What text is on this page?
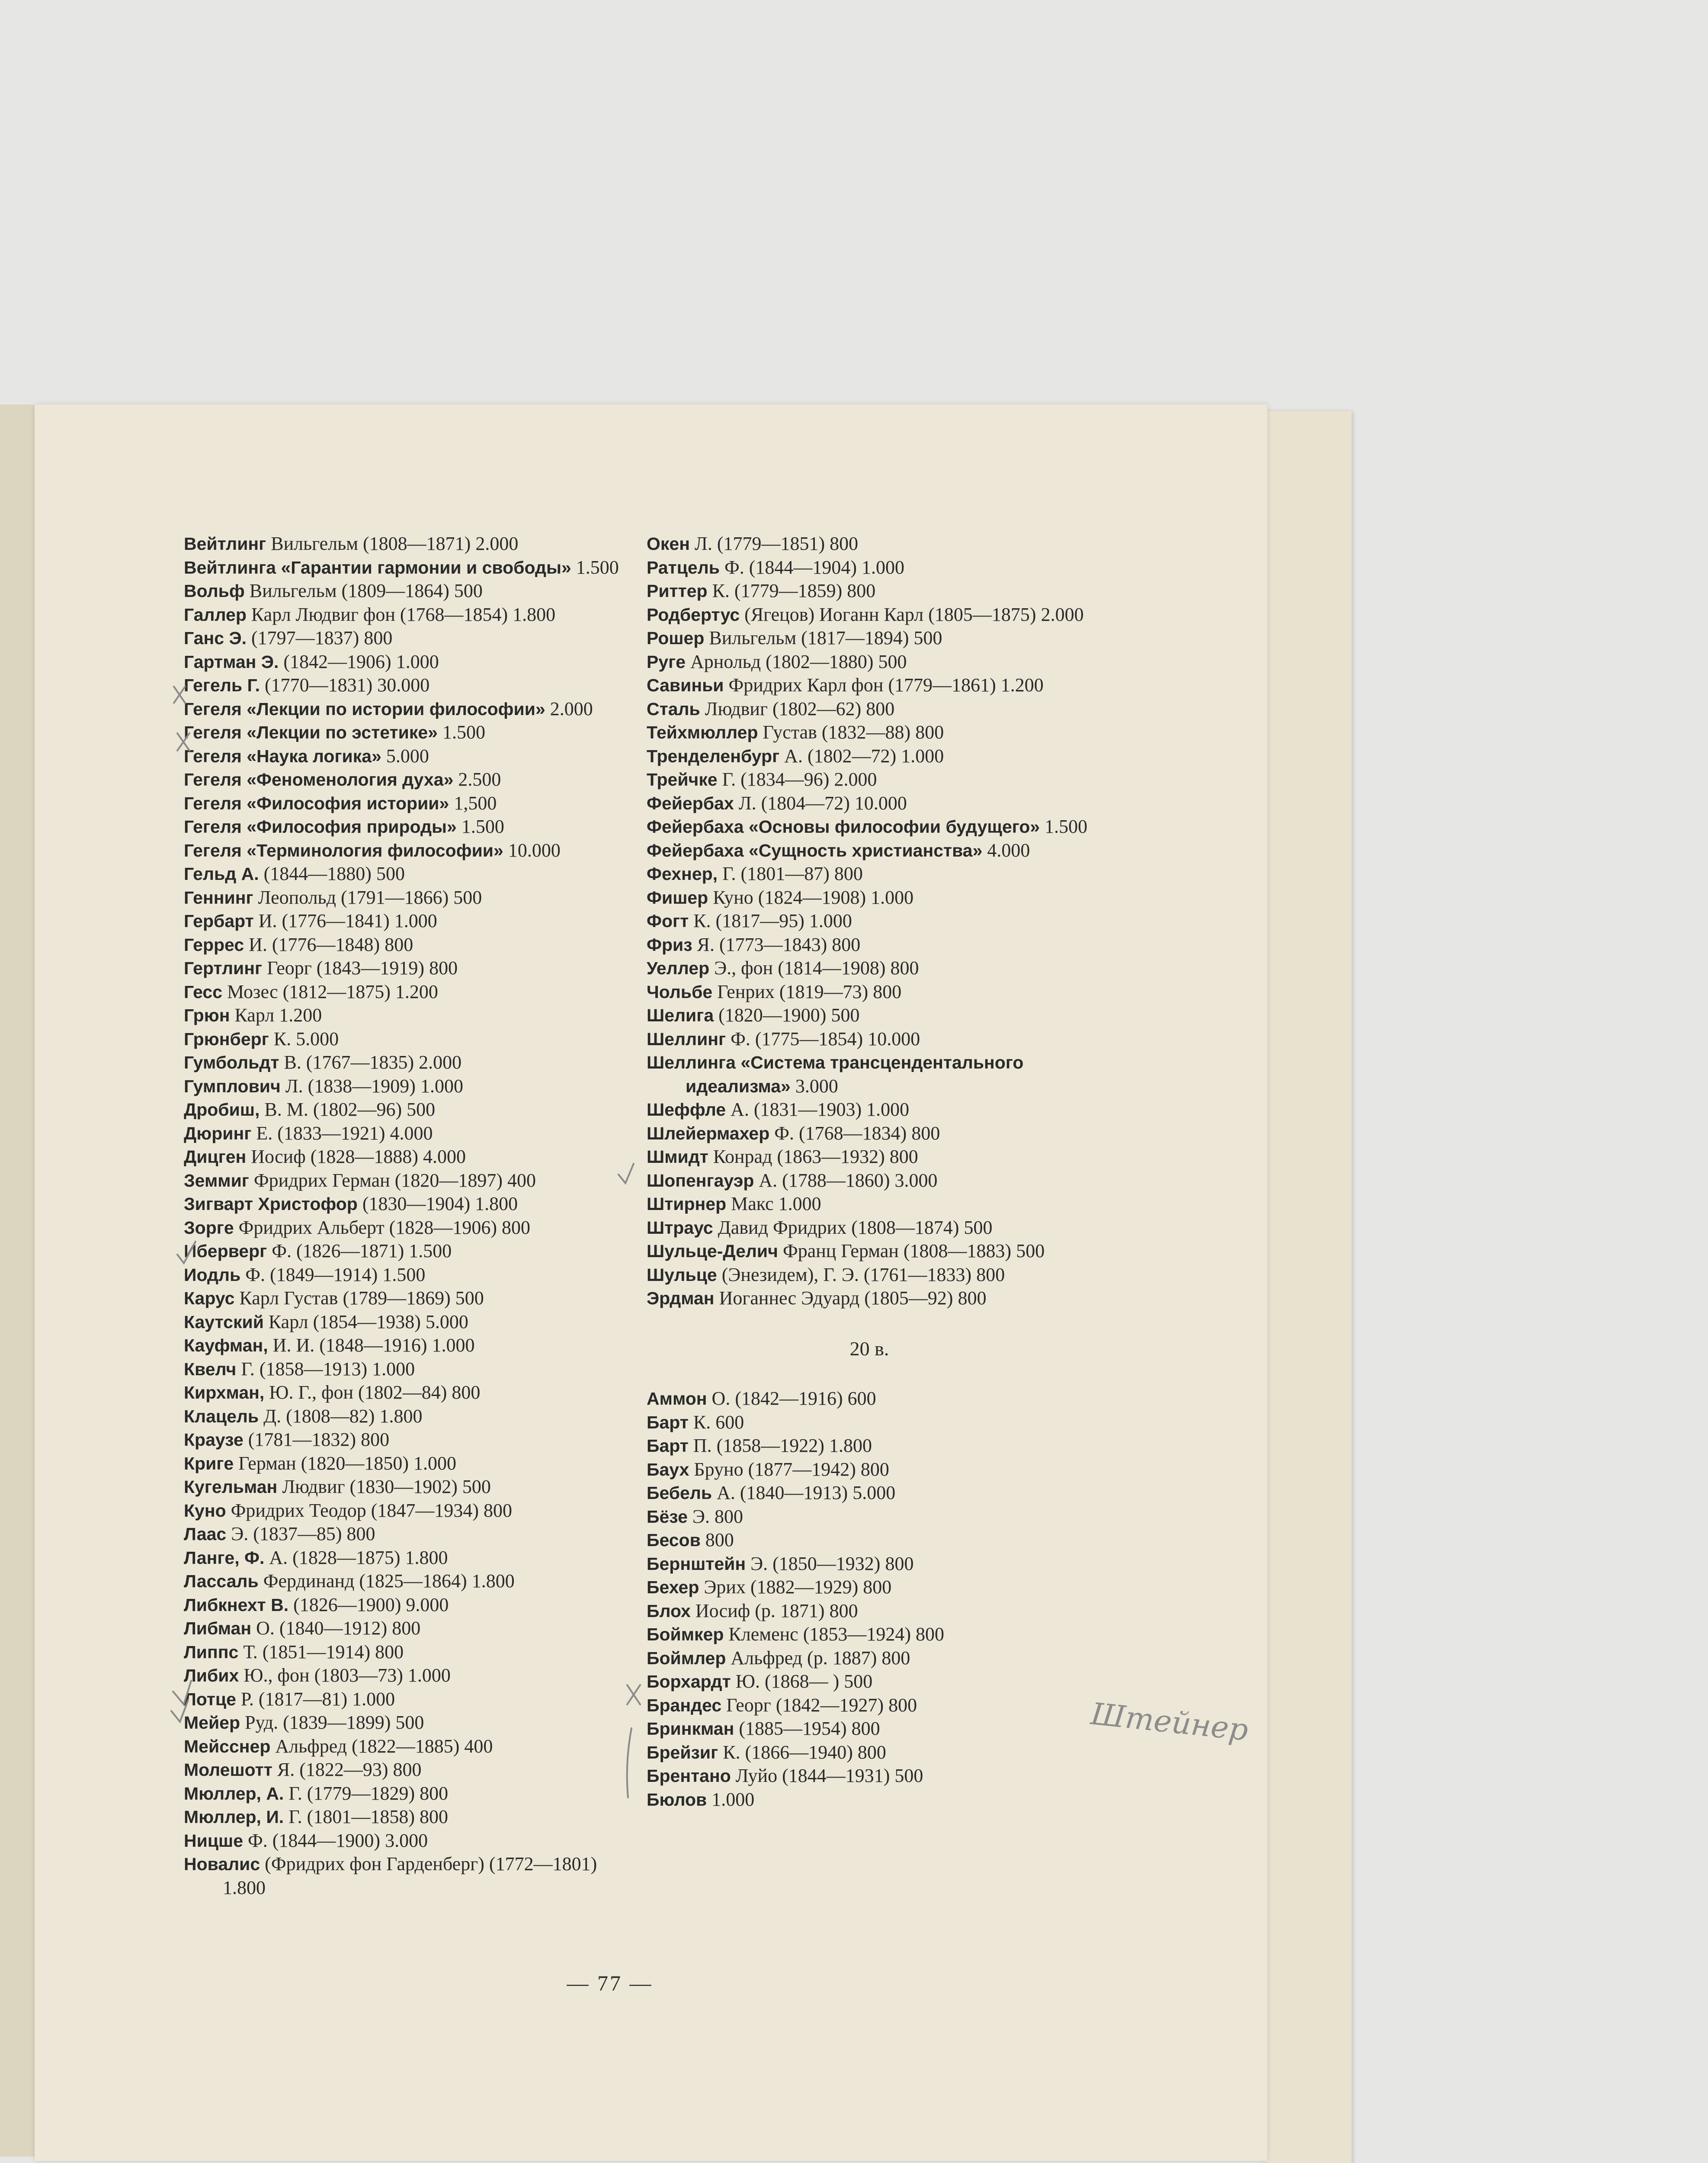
Вейтлинг Вильгельм (1808—1871) 2.000
Вейтлинга «Гарантии гармонии и свободы» 1.500
Вольф Вильгельм (1809—1864) 500
Галлер Карл Людвиг фон (1768—1854) 1.800
Ганс Э. (1797—1837) 800
Гартман Э. (1842—1906) 1.000
Гегель Г. (1770—1831) 30.000
Гегеля «Лекции по истории философии» 2.000
Гегеля «Лекции по эстетике» 1.500
Гегеля «Наука логика» 5.000
Гегеля «Феноменология духа» 2.500
Гегеля «Философия истории» 1,500
Гегеля «Философия природы» 1.500
Гегеля «Терминология философии» 10.000
Гельд А. (1844—1880) 500
Геннинг Леопольд (1791—1866) 500
Гербарт И. (1776—1841) 1.000
Геррес И. (1776—1848) 800
Гертлинг Георг (1843—1919) 800
Гесс Мозес (1812—1875) 1.200
Грюн Карл 1.200
Грюнберг К. 5.000
Гумбольдт В. (1767—1835) 2.000
Гумплович Л. (1838—1909) 1.000
Дробиш, В. М. (1802—96) 500
Дюринг Е. (1833—1921) 4.000
Дицген Иосиф (1828—1888) 4.000
Земмиг Фридрих Герман (1820—1897) 400
Зигварт Христофор (1830—1904) 1.800
Зорге Фридрих Альберт (1828—1906) 800
Иберверг Ф. (1826—1871) 1.500
Иодль Ф. (1849—1914) 1.500
Карус Карл Густав (1789—1869) 500
Каутский Карл (1854—1938) 5.000
Кауфман, И. И. (1848—1916) 1.000
Квелч Г. (1858—1913) 1.000
Кирхман, Ю. Г., фон (1802—84) 800
Клацель Д. (1808—82) 1.800
Краузе (1781—1832) 800
Криге Герман (1820—1850) 1.000
Кугельман Людвиг (1830—1902) 500
Куно Фридрих Теодор (1847—1934) 800
Лаас Э. (1837—85) 800
Ланге, Ф. А. (1828—1875) 1.800
Лассаль Фердинанд (1825—1864) 1.800
Либкнехт В. (1826—1900) 9.000
Либман О. (1840—1912) 800
Липпс Т. (1851—1914) 800
Либих Ю., фон (1803—73) 1.000
Лотце Р. (1817—81) 1.000
Мейер Руд. (1839—1899) 500
Мейсснер Альфред (1822—1885) 400
Молешотт Я. (1822—93) 800
Мюллер, А. Г. (1779—1829) 800
Мюллер, И. Г. (1801—1858) 800
Ницше Ф. (1844—1900) 3.000
Новалис (Фридрих фон Гарденберг) (1772—1801) 1.800
Окен Л. (1779—1851) 800
Ратцель Ф. (1844—1904) 1.000
Риттер К. (1779—1859) 800
Родбертус (Ягецов) Иоганн Карл (1805—1875) 2.000
Рошер Вильгельм (1817—1894) 500
Руге Арнольд (1802—1880) 500
Савиньи Фридрих Карл фон (1779—1861) 1.200
Сталь Людвиг (1802—62) 800
Тейхмюллер Густав (1832—88) 800
Тренделенбург А. (1802—72) 1.000
Трейчке Г. (1834—96) 2.000
Фейербах Л. (1804—72) 10.000
Фейербаха «Основы философии будущего» 1.500
Фейербаха «Сущность христианства» 4.000
Фехнер, Г. (1801—87) 800
Фишер Куно (1824—1908) 1.000
Фогт К. (1817—95) 1.000
Фриз Я. (1773—1843) 800
Уеллер Э., фон (1814—1908) 800
Чольбе Генрих (1819—73) 800
Шелига (1820—1900) 500
Шеллинг Ф. (1775—1854) 10.000
Шеллинга «Система трансцендентального идеализма» 3.000
Шеффле А. (1831—1903) 1.000
Шлейермахер Ф. (1768—1834) 800
Шмидт Конрад (1863—1932) 800
Шопенгауэр А. (1788—1860) 3.000
Штирнер Макс 1.000
Штраус Давид Фридрих (1808—1874) 500
Шульце-Делич Франц Герман (1808—1883) 500
Шульце (Энезидем), Г. Э. (1761—1833) 800
Эрдман Иоганнес Эдуард (1805—92) 800
20 в.
Аммон О. (1842—1916) 600
Барт К. 600
Барт П. (1858—1922) 1.800
Баух Бруно (1877—1942) 800
Бебель А. (1840—1913) 5.000
Бёзе Э. 800
Бесов 800
Бернштейн Э. (1850—1932) 800
Бехер Эрих (1882—1929) 800
Блох Иосиф (р. 1871) 800
Боймкер Клеменс (1853—1924) 800
Боймлер Альфред (р. 1887) 800
Борхардт Ю. (1868— ) 500
Брандес Георг (1842—1927) 800
Бринкман (1885—1954) 800
Брейзиг К. (1866—1940) 800
Брентано Луйо (1844—1931) 500
Бюлов 1.000
— 77 —
Штейнер
